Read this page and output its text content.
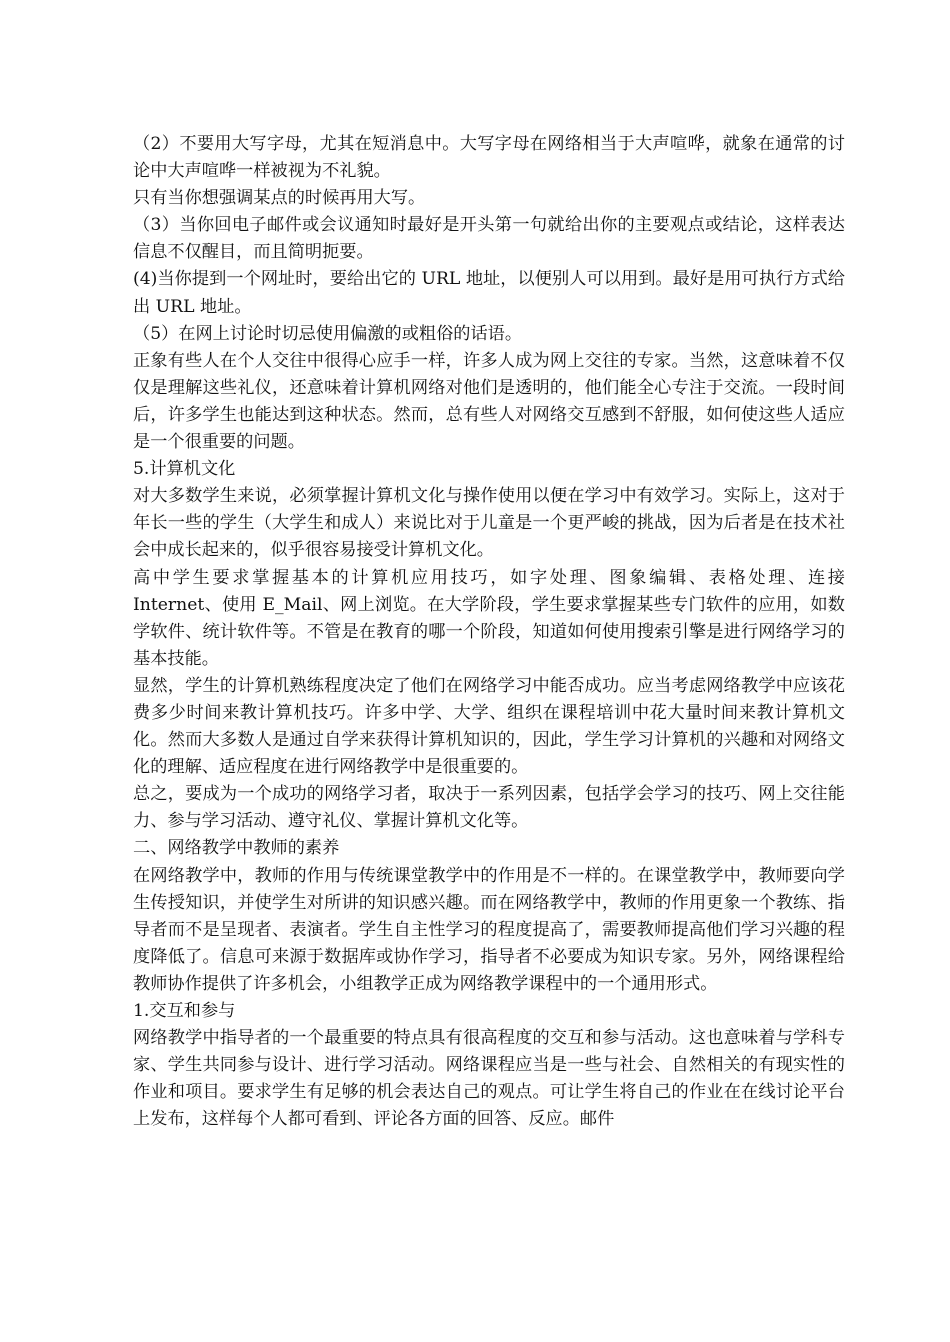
（2）不要用大写字母，尤其在短消息中。大写字母在网络相当于大声喧哗，就象在通常的讨论中大声喧哗一样被视为不礼貌。

只有当你想强调某点的时候再用大写。

（3）当你回电子邮件或会议通知时最好是开头第一句就给出你的主要观点或结论，这样表达信息不仅醒目，而且简明扼要。

(4)当你提到一个网址时，要给出它的 URL 地址，以便别人可以用到。最好是用可执行方式给出 URL 地址。

（5）在网上讨论时切忌使用偏激的或粗俗的话语。

正象有些人在个人交往中很得心应手一样，许多人成为网上交往的专家。当然，这意味着不仅仅是理解这些礼仪，还意味着计算机网络对他们是透明的，他们能全心专注于交流。一段时间后，许多学生也能达到这种状态。然而，总有些人对网络交互感到不舒服，如何使这些人适应是一个很重要的问题。

5.计算机文化

对大多数学生来说，必须掌握计算机文化与操作使用以便在学习中有效学习。实际上，这对于年长一些的学生（大学生和成人）来说比对于儿童是一个更严峻的挑战，因为后者是在技术社会中成长起来的，似乎很容易接受计算机文化。

高中学生要求掌握基本的计算机应用技巧，如字处理、图象编辑、表格处理、连接 Internet、使用 E_Mail、网上浏览。在大学阶段，学生要求掌握某些专门软件的应用，如数学软件、统计软件等。不管是在教育的哪一个阶段，知道如何使用搜索引擎是进行网络学习的基本技能。

显然，学生的计算机熟练程度决定了他们在网络学习中能否成功。应当考虑网络教学中应该花费多少时间来教计算机技巧。许多中学、大学、组织在课程培训中花大量时间来教计算机文化。然而大多数人是通过自学来获得计算机知识的，因此，学生学习计算机的兴趣和对网络文化的理解、适应程度在进行网络教学中是很重要的。

总之，要成为一个成功的网络学习者，取决于一系列因素，包括学会学习的技巧、网上交往能力、参与学习活动、遵守礼仪、掌握计算机文化等。

二、网络教学中教师的素养

在网络教学中，教师的作用与传统课堂教学中的作用是不一样的。在课堂教学中，教师要向学生传授知识，并使学生对所讲的知识感兴趣。而在网络教学中，教师的作用更象一个教练、指导者而不是呈现者、表演者。学生自主性学习的程度提高了，需要教师提高他们学习兴趣的程度降低了。信息可来源于数据库或协作学习，指导者不必要成为知识专家。另外，网络课程给教师协作提供了许多机会，小组教学正成为网络教学课程中的一个通用形式。

1.交互和参与

网络教学中指导者的一个最重要的特点具有很高程度的交互和参与活动。这也意味着与学科专家、学生共同参与设计、进行学习活动。网络课程应当是一些与社会、自然相关的有现实性的作业和项目。要求学生有足够的机会表达自己的观点。可让学生将自己的作业在在线讨论平台上发布，这样每个人都可看到、评论各方面的回答、反应。邮件
